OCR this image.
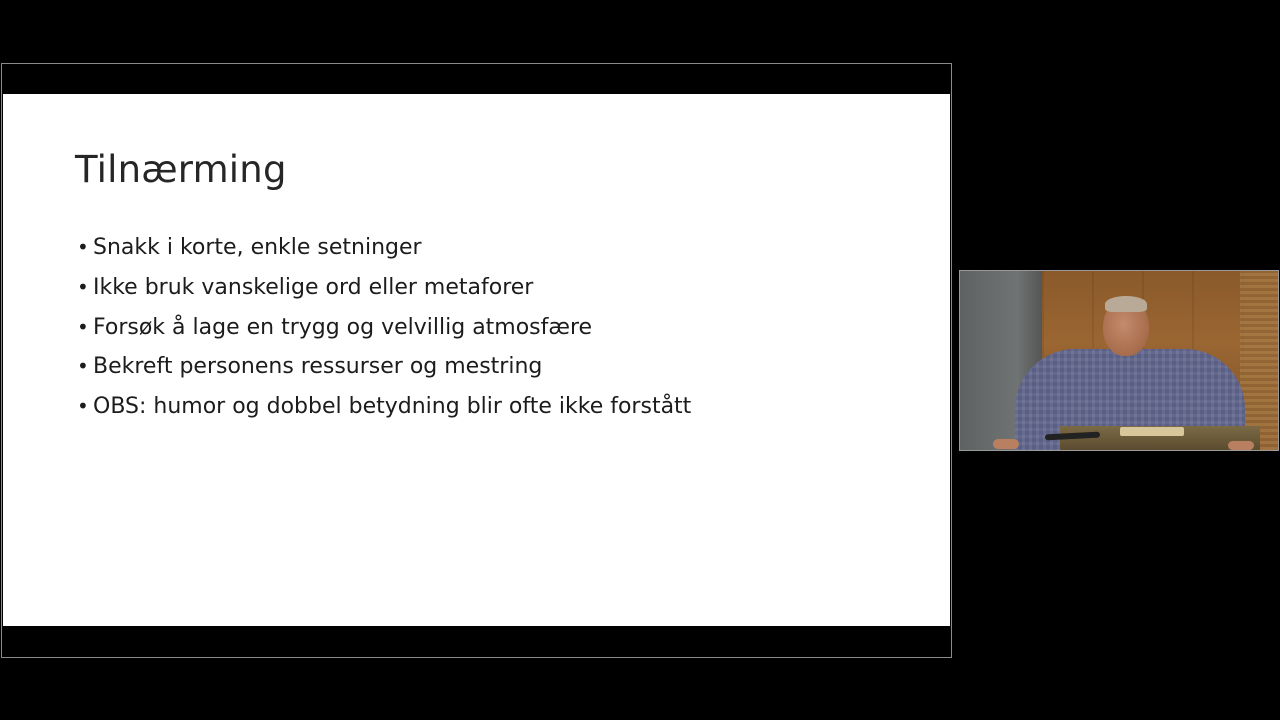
Tilnærming
• Snakk i korte, enkle setninger
• Ikke bruk vanskelige ord eller metaforer
• Forsøk å lage en trygg og velvillig atmosfære
• Bekreft personens ressurser og mestring
• OBS: humor og dobbel betydning blir ofte ikke forstått
